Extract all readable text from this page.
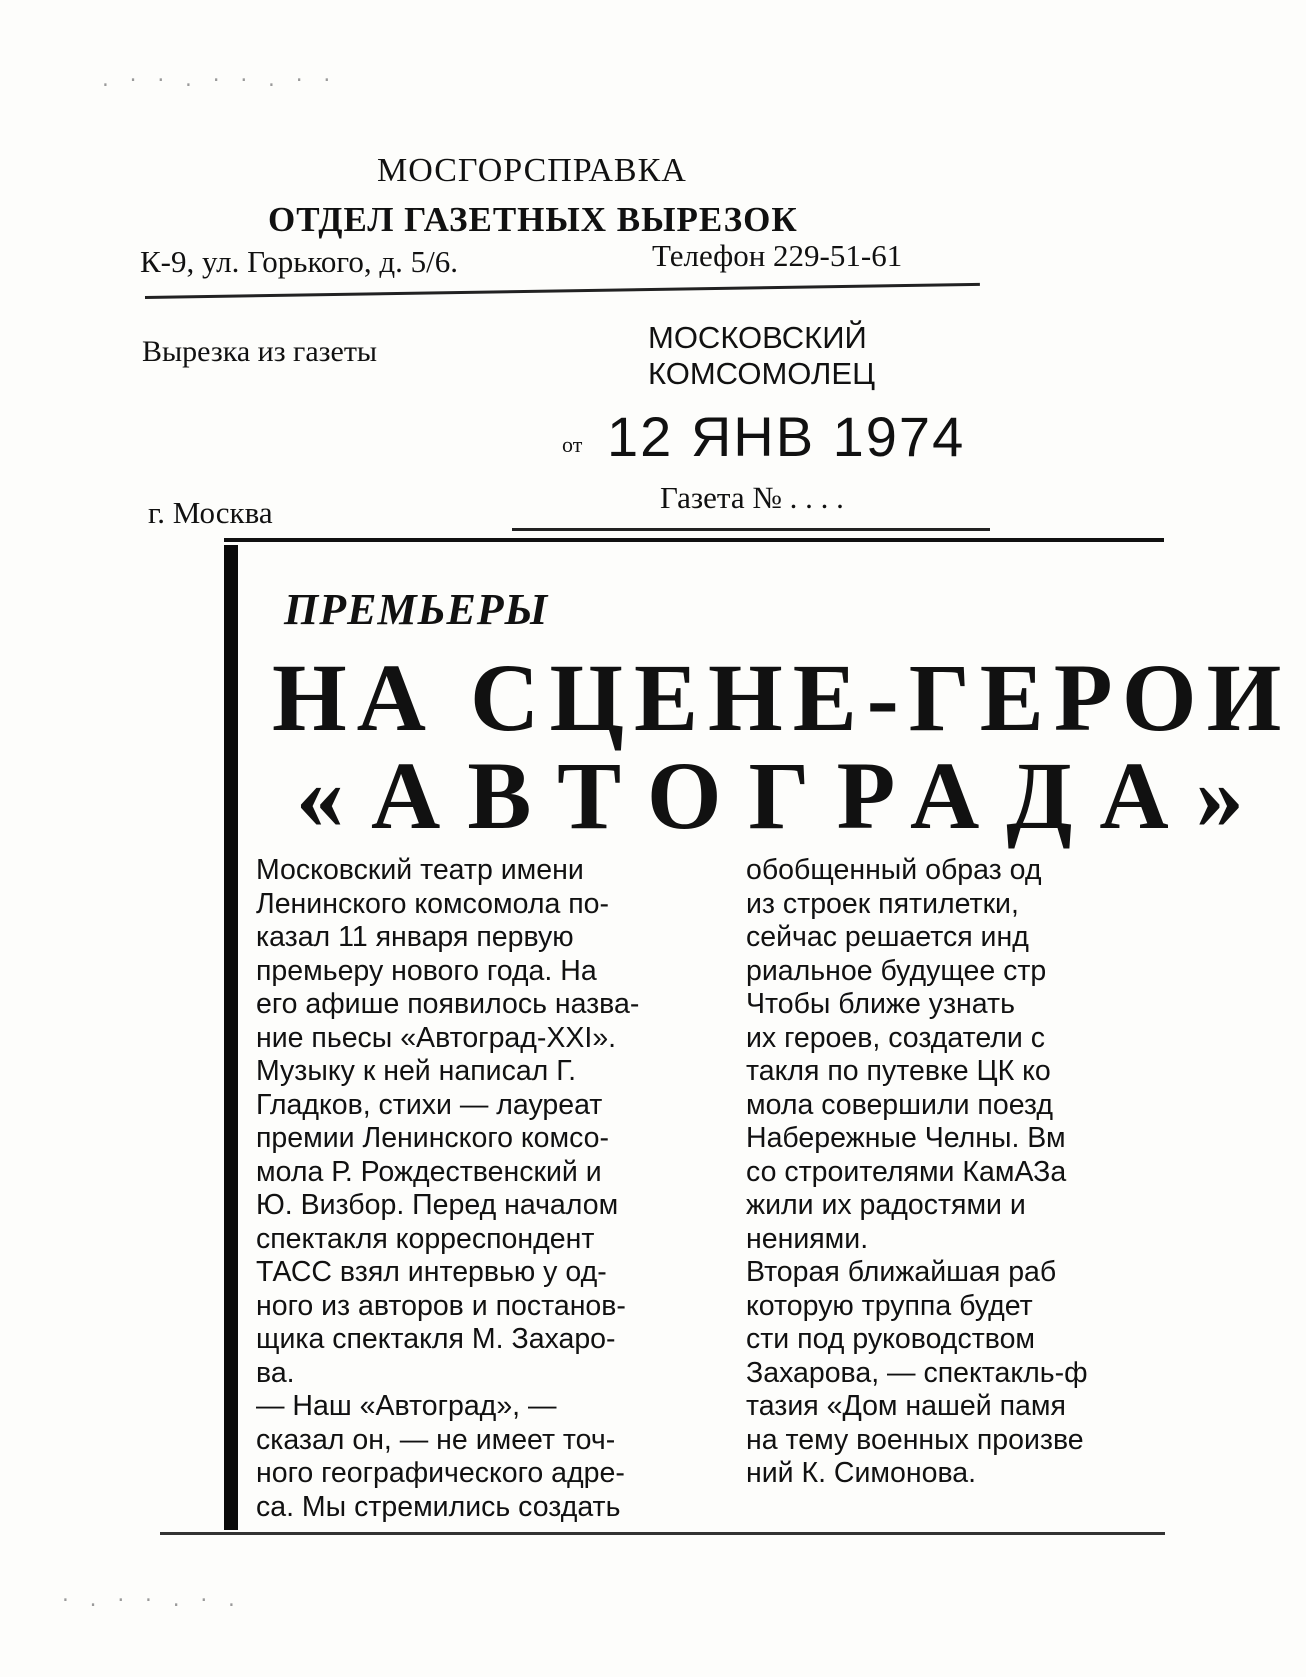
. · · . · · . · ·
· . · · . · .
МОСГОРСПРАВКА
ОТДЕЛ ГАЗЕТНЫХ ВЫРЕЗОК
К-9, ул. Горького, д. 5/6.	Телефон 229-51-61
Вырезка из газеты	МОСКОВСКИЙ
КОМСОМОЛЕЦ
от 12 ЯНВ 1974
г. Москва	Газета № . . . .
ПРЕМЬЕРЫ
НА СЦЕНЕ-ГЕРОИ
«АВТОГРАДА»
Московский театр имени
Ленинского комсомола по-
казал 11 января первую
премьеру нового года. На
его афише появилось назва-
ние пьесы «Автоград-XXI».
Музыку к ней написал Г.
Гладков, стихи — лауреат
премии Ленинского комсо-
мола Р. Рождественский и
Ю. Визбор. Перед началом
спектакля корреспондент
ТАСС взял интервью у од-
ного из авторов и постанов-
щика спектакля М. Захаро-
ва.
— Наш «Автоград», —
сказал он, — не имеет точ-
ного географического адре-
са. Мы стремились создать
обобщенный образ од
из строек пятилетки,
сейчас решается инд
риальное будущее стр
Чтобы ближе узнать
их героев, создатели с
такля по путевке ЦК ко
мола совершили поезд
Набережные Челны. Вм
со строителями КамАЗа
жили их радостями и
нениями.
Вторая ближайшая раб
которую труппа будет
сти под руководством
Захарова, — спектакль-ф
тазия «Дом нашей памя
на тему военных произве
ний К. Симонова.
